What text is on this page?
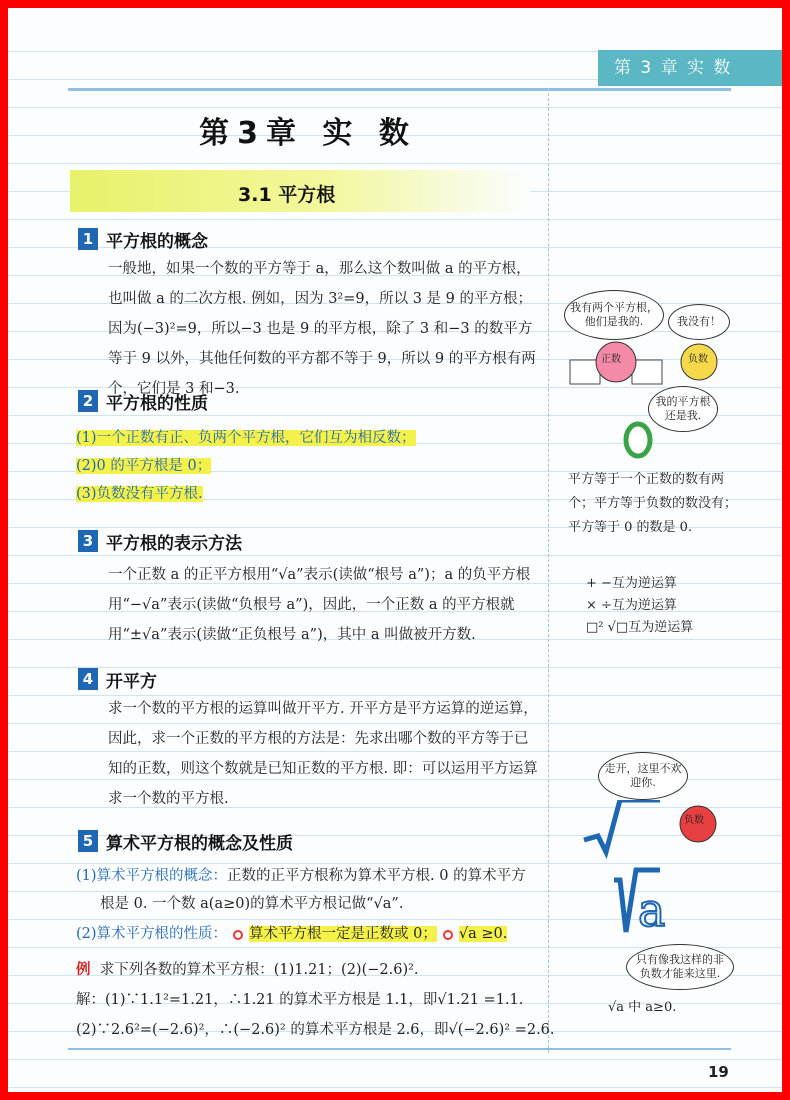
第 3 章 实 数
第3章 实 数
3.1 平方根
1 平方根的概念
一般地，如果一个数的平方等于 a，那么这个数叫做 a 的平方根，也叫做 a 的二次方根. 例如，因为 3²=9，所以 3 是 9 的平方根；因为(−3)²=9，所以−3 也是 9 的平方根，除了 3 和−3 的数平方等于 9 以外，其他任何数的平方都不等于 9，所以 9 的平方根有两个，它们是 3 和−3.
2 平方根的性质
(1)一个正数有正、负两个平方根，它们互为相反数；
(2)0 的平方根是 0；
(3)负数没有平方根.
3 平方根的表示方法
一个正数 a 的正平方根用“√a”表示(读做“根号 a”)；a 的负平方根用“−√a”表示(读做“负根号 a”)，因此，一个正数 a 的平方根就用“±√a”表示(读做“正负根号 a”)，其中 a 叫做被开方数.
4 开平方
求一个数的平方根的运算叫做开平方. 开平方是平方运算的逆运算，因此，求一个正数的平方根的方法是：先求出哪个数的平方等于已知的正数，则这个数就是已知正数的平方根. 即：可以运用平方运算求一个数的平方根.
5 算术平方根的概念及性质
(1)算术平方根的概念：正数的正平方根称为算术平方根. 0 的算术平方
根是 0. 一个数 a(a≥0)的算术平方根记做“√a”.
(2)算术平方根的性质： 算术平方根一定是正数或 0； √a ≥0.
例 求下列各数的算术平方根：(1)1.21；(2)(−2.6)².
解：(1)∵1.1²=1.21，∴1.21 的算术平方根是 1.1，即√1.21 =1.1.
(2)∵2.6²=(−2.6)²，∴(−2.6)² 的算术平方根是 2.6，即√(−2.6)² =2.6.
19
我有两个平方根，他们是我的.	我没有！
正数	负数
我的平方根还是我.
平方等于一个正数的数有两个；平方等于负数的数没有；平方等于 0 的数是 0.
+ −互为逆运算
× ÷互为逆运算
□² √□互为逆运算
走开，这里不欢迎你.
a
负数
只有像我这样的非负数才能来这里.
√a 中 a≥0.
